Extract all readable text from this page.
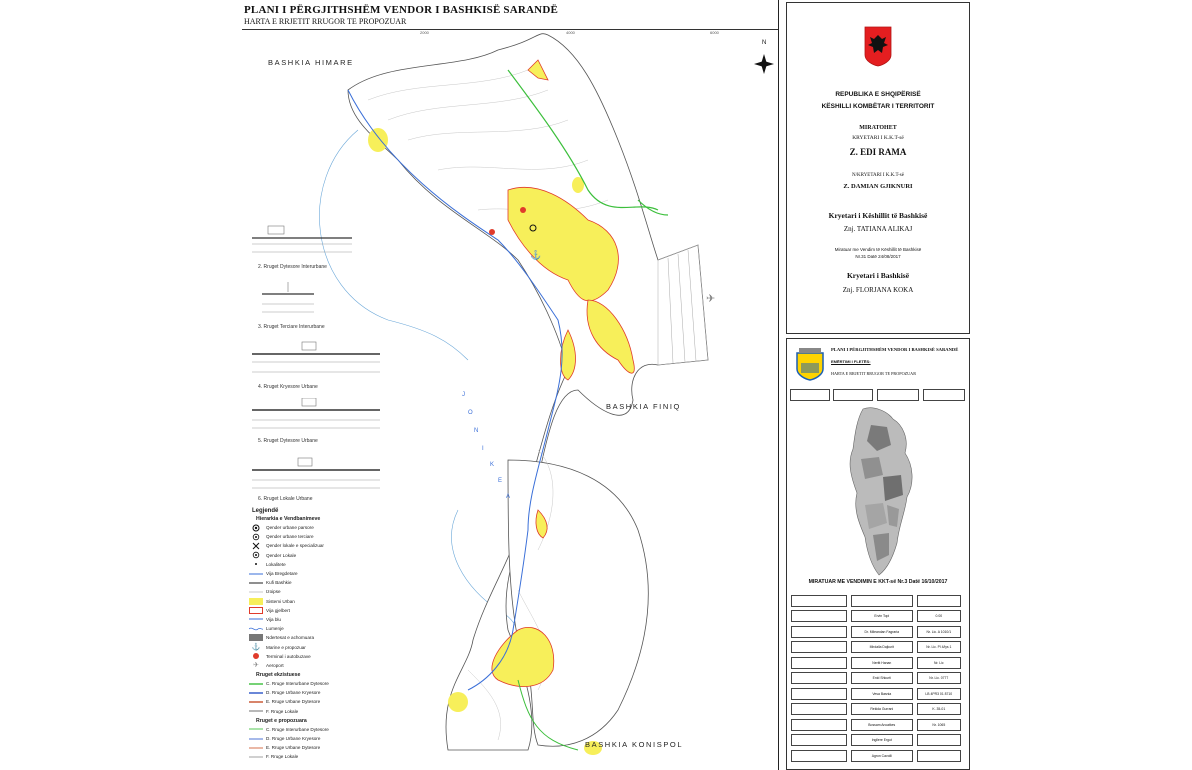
PLANI I PËRGJITHSHËM VENDOR I BASHKISË SARANDË
HARTA E RRJETIT RRUGOR TE PROPOZUAR
2000	4000	6000
⚓
✈
N
J
O
N
I
K
E
A
BASHKIA HIMARE
BASHKIA FINIQ
BASHKIA KONISPOL
2. Rruget Dytesore Interurbane
3. Rruget Terciare Interurbane
4. Rruget Kryesore Urbane
5. Rruget Dytesore Urbane
6. Rruget Lokale Urbane
Legjendë
Hierarkia e Vendbanimeve
Qender urbane parsore
Qender urbane terciare
Qender lokale e specializuar
Qender Lokale
Lokalitete
Vija Bregdetare
Kufi Bashkie
Izoipse
Sistemi Urban
Vija gjelbert
Vija blu
Lumenje
Ndertesat e achomuara
⚓ Marine e propozuar
Terminal i autobuzave
✈ Aeroport
Rruget ekzistuese
C. Rruge Interurbane Dytesore
D. Rruge Urbane Kryesore
E. Rruge Urbane Dytesore
F. Rruge Lokale
Rruget e propozuara
C. Rruge Interurbane Dytesore
D. Rruge Urbane Kryesore
E. Rruge Urbane Dytesore
F. Rruge Lokale
REPUBLIKA E SHQIPËRISË
KËSHILLI KOMBËTAR I TERRITORIT
MIRATOHET
KRYETARI I K.K.T-së
Z. EDI RAMA
N/KRYETARI I K.K.T-së
Z. DAMIAN GJIKNURI
Kryetari i Këshillit të Bashkisë
Znj. TATIANA ALIKAJ
Miratuar me Vendim të Këshillit të Bashkisë
Nr.31 Datë 24/08/2017
Kryetari i Bashkisë
Znj. FLORJANA KOKA
PLANI I PËRGJITHSHËM VENDOR I BASHKISË SARANDË
EMËRTIMI I FLETËS:
HARTA E RRJETIT RRUGOR TE PROPOZUAR
MIRATUAR ME VENDIMIN E KKT-së Nr.3 Datë 16/10/2017
Ervin Topi	0.00
Dr. Mileandan Fagraria	Nr. Lic. A 1010/1
Mirdalla Dajkurit	Nr. Lic. Pl 4/lys 1
Neritt Hanan	Nr. Lic
Enid Shkurti	Nr. Lic. 0777
Vesa Basnia	LB 4PR3 01 8710
Rekida Gurrani	K. 35-01
Bossam Ancatkes	Nr. 1065
Ingllere Ergut
Agron Cavolli
